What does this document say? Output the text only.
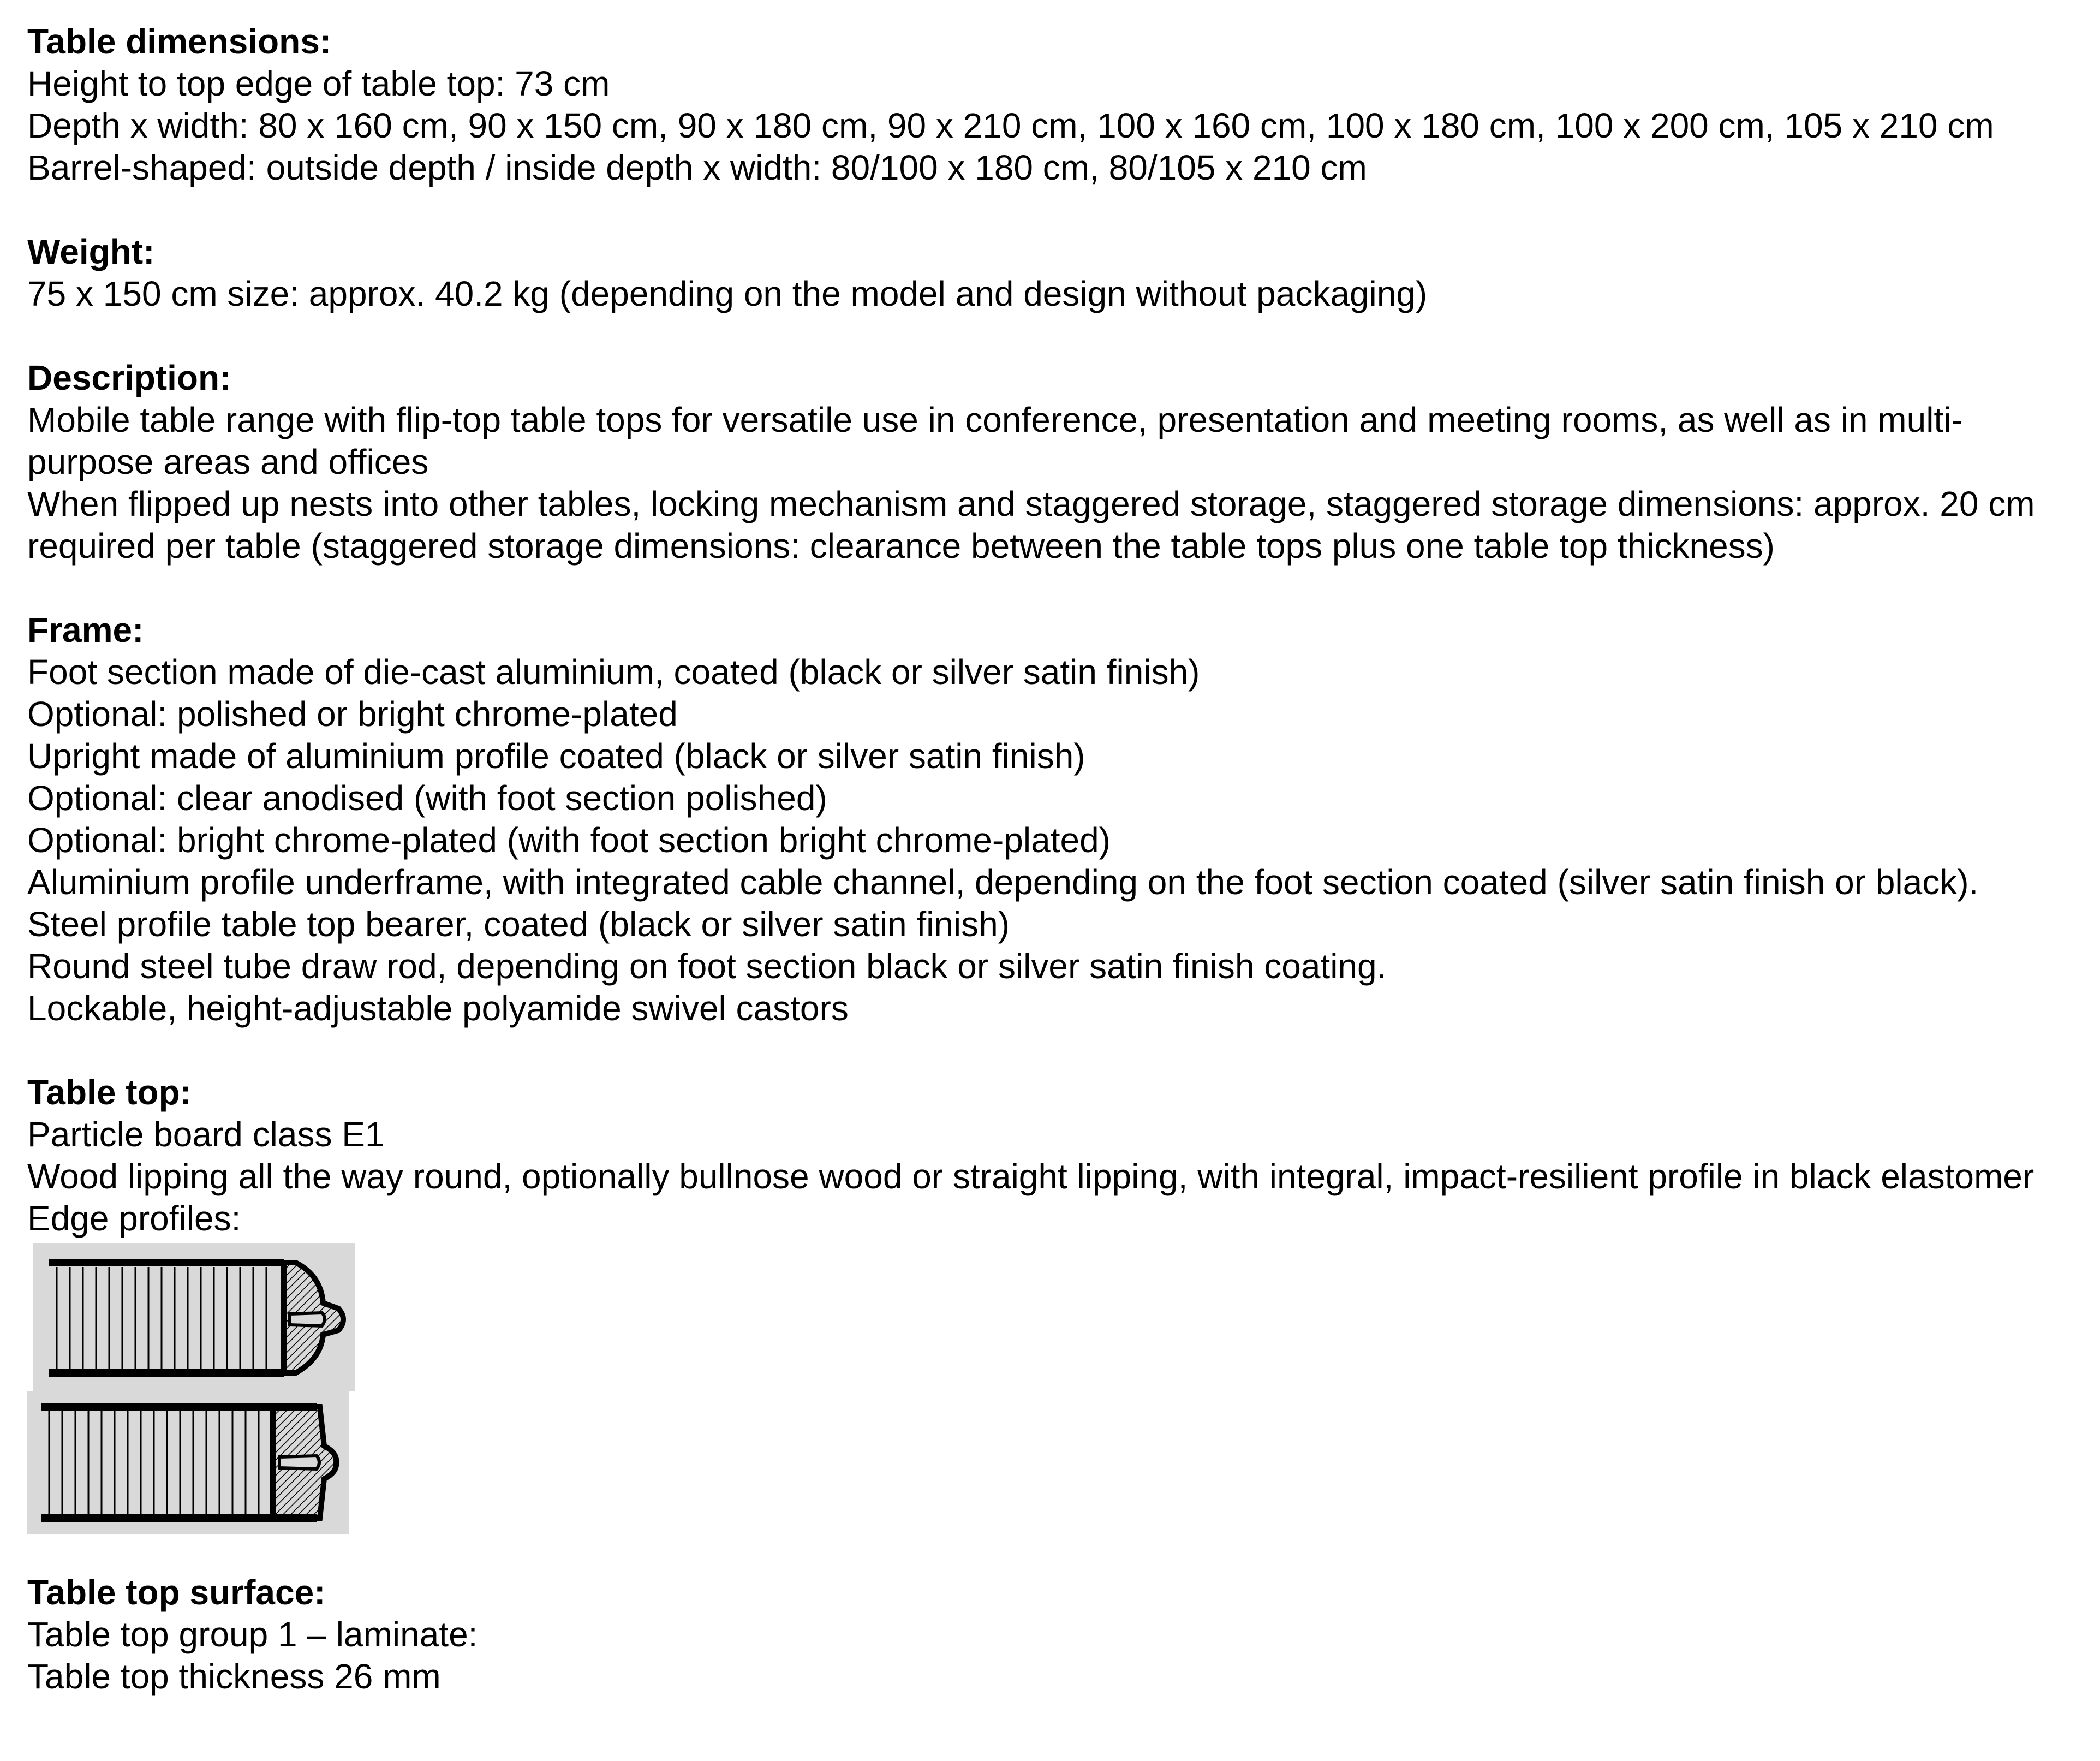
Table dimensions:
Height to top edge of table top: 73 cm
Depth x width: 80 x 160 cm, 90 x 150 cm, 90 x 180 cm, 90 x 210 cm, 100 x 160 cm, 100 x 180 cm, 100 x 200 cm, 105 x 210 cm
Barrel-shaped: outside depth / inside depth x width: 80/100 x 180 cm, 80/105 x 210 cm
Weight:
75 x 150 cm size: approx. 40.2 kg (depending on the model and design without packaging)
Description:
Mobile table range with flip-top table tops for versatile use in conference, presentation and meeting rooms, as well as in multi-purpose areas and offices
When flipped up nests into other tables, locking mechanism and staggered storage, staggered storage dimensions: approx. 20 cm required per table (staggered storage dimensions: clearance between the table tops plus one table top thickness)
Frame:
Foot section made of die-cast aluminium, coated (black or silver satin finish)
Optional: polished or bright chrome-plated
Upright made of aluminium profile coated (black or silver satin finish)
Optional: clear anodised (with foot section polished)
Optional: bright chrome-plated (with foot section bright chrome-plated)
Aluminium profile underframe, with integrated cable channel, depending on the foot section coated (silver satin finish or black).
Steel profile table top bearer, coated (black or silver satin finish)
Round steel tube draw rod, depending on foot section black or silver satin finish coating.
Lockable, height-adjustable polyamide swivel castors
Table top:
Particle board class E1
Wood lipping all the way round, optionally bullnose wood or straight lipping, with integral, impact-resilient profile in black elastomer
Edge profiles:
Table top surface:
Table top group 1 – laminate:
Table top thickness 26 mm
